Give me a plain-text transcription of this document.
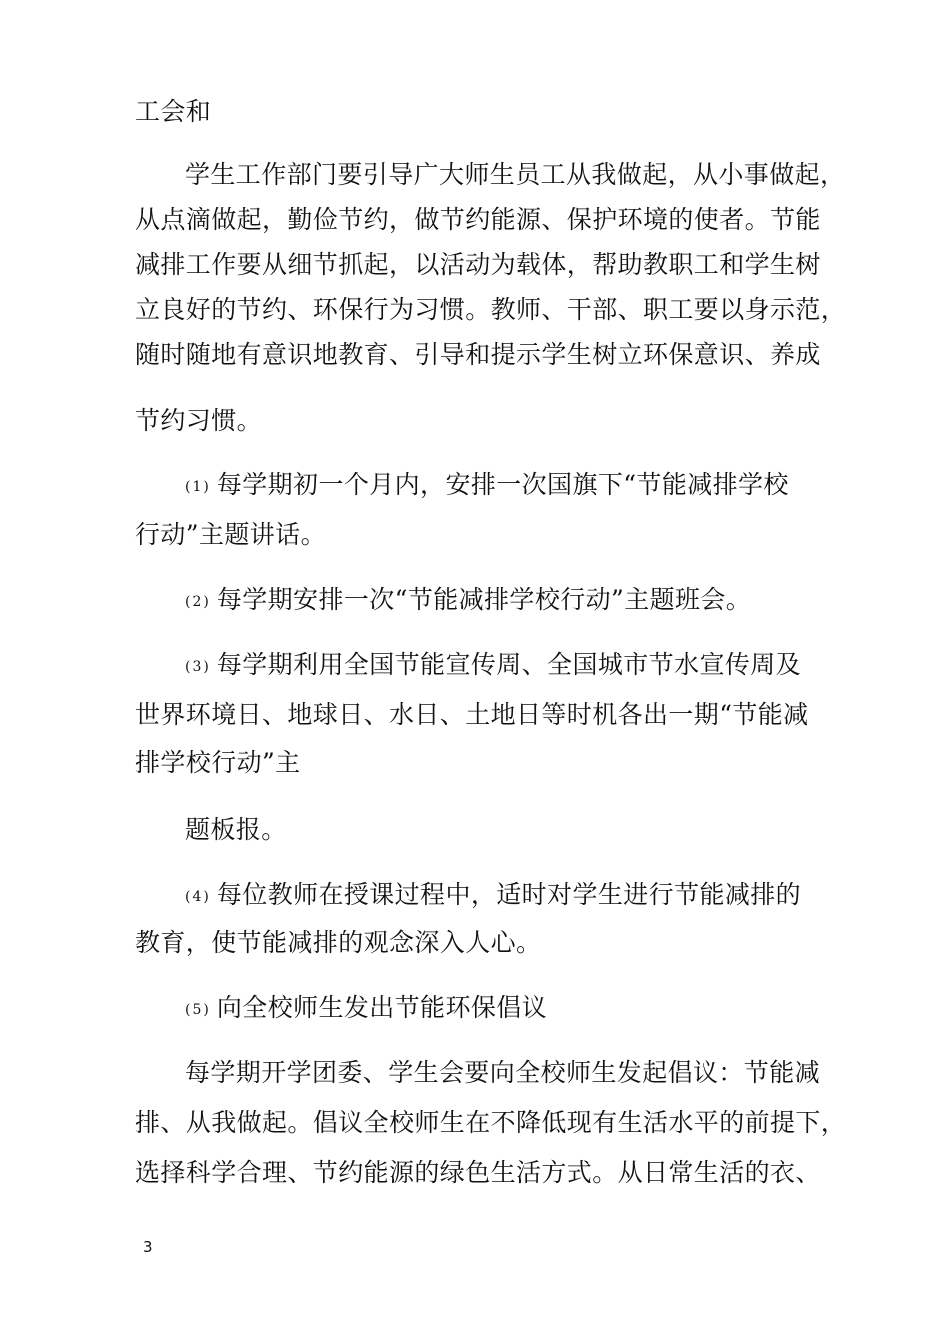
工会和
学生工作部门要引导广大师生员工从我做起，从小事做起，
从点滴做起，勤俭节约，做节约能源、保护环境的使者。节能
减排工作要从细节抓起，以活动为载体，帮助教职工和学生树
立良好的节约、环保行为习惯。教师、干部、职工要以身示范，
随时随地有意识地教育、引导和提示学生树立环保意识、养成
节约习惯。
(1) 每学期初一个月内，安排一次国旗下“节能减排学校
行动”主题讲话。
(2) 每学期安排一次“节能减排学校行动”主题班会。
(3) 每学期利用全国节能宣传周、全国城市节水宣传周及
世界环境日、地球日、水日、土地日等时机各出一期“节能减
排学校行动”主
题板报。
(4) 每位教师在授课过程中，适时对学生进行节能减排的
教育，使节能减排的观念深入人心。
(5) 向全校师生发出节能环保倡议
每学期开学团委、学生会要向全校师生发起倡议：节能减
排、从我做起。倡议全校师生在不降低现有生活水平的前提下，
选择科学合理、节约能源的绿色生活方式。从日常生活的衣、
3
